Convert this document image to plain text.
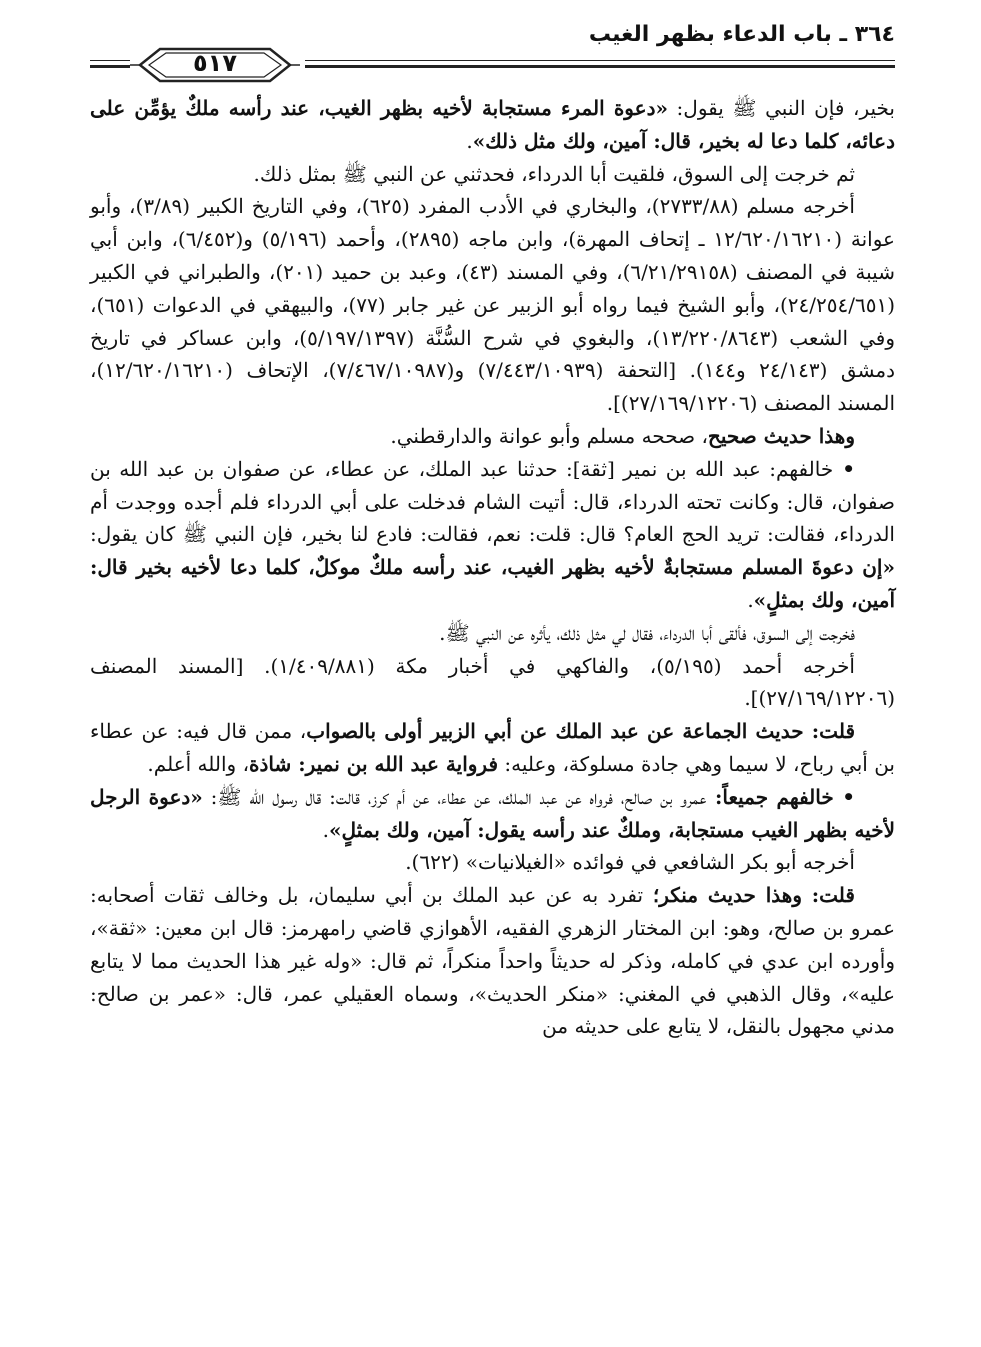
٣٦٤ ـ باب الدعاء بظهر الغيب
٥١٧

بخير، فإن النبي ﷺ يقول: «دعوة المرء مستجابة لأخيه بظهر الغيب، عند رأسه ملكٌ يؤمِّن على دعائه، كلما دعا له بخير، قال: آمين، ولك مثل ذلك».

ثم خرجت إلى السوق، فلقيت أبا الدرداء، فحدثني عن النبي ﷺ بمثل ذلك.

أخرجه مسلم (٢٧٣٣/٨٨)، والبخاري في الأدب المفرد (٦٢٥)، وفي التاريخ الكبير (٣/٨٩)، وأبو عوانة (١٢/٦٢٠/١٦٢١٠ ـ إتحاف المهرة)، وابن ماجه (٢٨٩٥)، وأحمد (٥/١٩٦) و(٦/٤٥٢)، وابن أبي شيبة في المصنف (٦/٢١/٢٩١٥٨)، وفي المسند (٤٣)، وعبد بن حميد (٢٠١)، والطبراني في الكبير (٢٤/٢٥٤/٦٥١)، وأبو الشيخ فيما رواه أبو الزبير عن غير جابر (٧٧)، والبيهقي في الدعوات (٦٥١)، وفي الشعب (١٣/٢٢٠/٨٦٤٣)، والبغوي في شرح السُّنَّة (٥/١٩٧/١٣٩٧)، وابن عساكر في تاريخ دمشق (٢٤/١٤٣ و١٤٤). [التحفة (٧/٤٤٣/١٠٩٣٩) و(٧/٤٦٧/١٠٩٨٧)، الإتحاف (١٢/٦٢٠/١٦٢١٠)، المسند المصنف (٢٧/١٦٩/١٢٢٠٦)].

وهذا حديث صحيح، صححه مسلم وأبو عوانة والدارقطني.

• خالفهم: عبد الله بن نمير [ثقة]: حدثنا عبد الملك، عن عطاء، عن صفوان بن عبد الله بن صفوان، قال: وكانت تحته الدرداء، قال: أتيت الشام فدخلت على أبي الدرداء فلم أجده ووجدت أم الدرداء، فقالت: تريد الحج العام؟ قال: قلت: نعم، فقالت: فادع لنا بخير، فإن النبي ﷺ كان يقول: «إن دعوةَ المسلم مستجابةٌ لأخيه بظهر الغيب، عند رأسه ملكٌ موكلٌ، كلما دعا لأخيه بخير قال: آمين، ولك بمثلٍ».

فخرجت إلى السوق، فألقى أبا الدرداء، فقال لي مثل ذلك، يأثره عن النبي ﷺ.

أخرجه أحمد (٥/١٩٥)، والفاكهي في أخبار مكة (١/٤٠٩/٨٨١). [المسند المصنف (٢٧/١٦٩/١٢٢٠٦)].

قلت: حديث الجماعة عن عبد الملك عن أبي الزبير أولى بالصواب، ممن قال فيه: عن عطاء بن أبي رباح، لا سيما وهي جادة مسلوكة، وعليه: فرواية عبد الله بن نمير: شاذة، والله أعلم.

• خالفهم جميعاً: عمرو بن صالح، فرواه عن عبد الملك، عن عطاء، عن أم كرز، قالت: قال رسول الله ﷺ: «دعوة الرجل لأخيه بظهر الغيب مستجابة، وملكٌ عند رأسه يقول: آمين، ولك بمثلٍ».

أخرجه أبو بكر الشافعي في فوائده «الغيلانيات» (٦٢٢).

قلت: وهذا حديث منكر؛ تفرد به عن عبد الملك بن أبي سليمان، بل وخالف ثقات أصحابه: عمرو بن صالح، وهو: ابن المختار الزهري الفقيه، الأهوازي قاضي رامهرمز: قال ابن معين: «ثقة»، وأورده ابن عدي في كامله، وذكر له حديثاً واحداً منكراً، ثم قال: «وله غير هذا الحديث مما لا يتابع عليه»، وقال الذهبي في المغني: «منكر الحديث»، وسماه العقيلي عمر، قال: «عمر بن صالح: مدني مجهول بالنقل، لا يتابع على حديثه من
